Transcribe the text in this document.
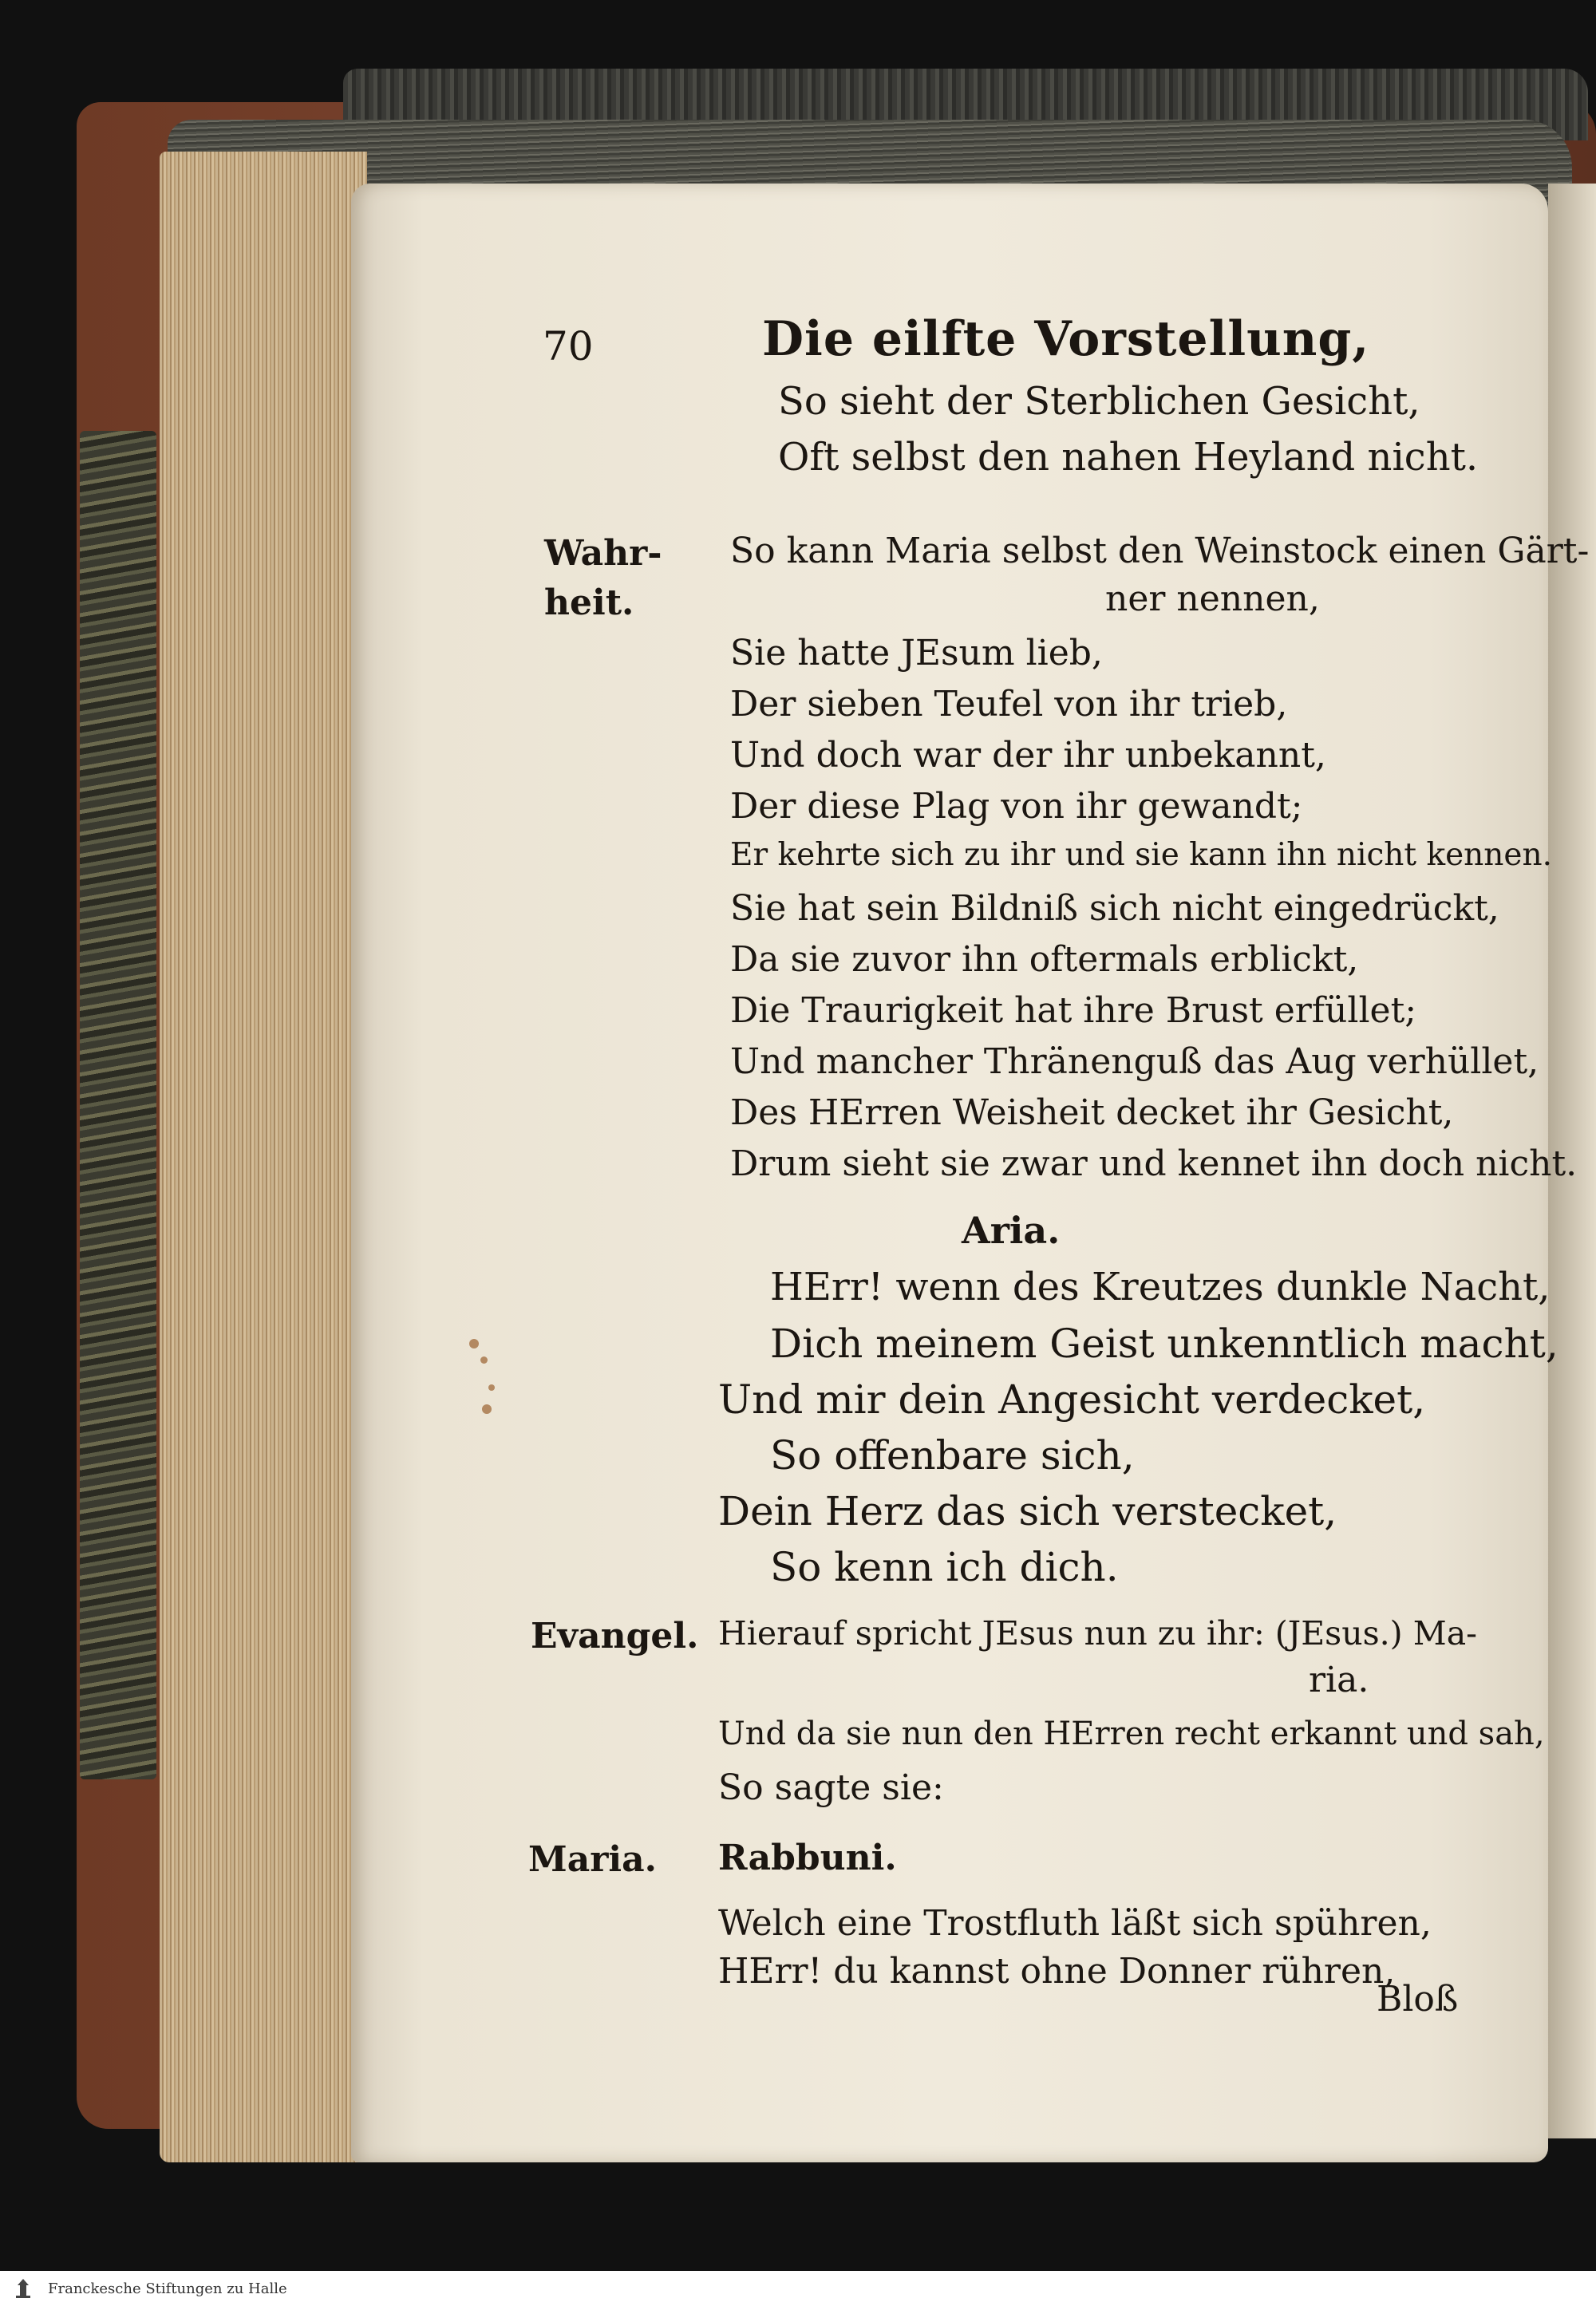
70	Die eilfte Vorstellung,
So sieht der Sterblichen Gesicht,
Oft selbst den nahen Heyland nicht.
Wahr-
heit.
So kann Maria selbst den Weinstock einen Gärt-
ner nennen,
Sie hatte JEsum lieb,
Der sieben Teufel von ihr trieb,
Und doch war der ihr unbekannt,
Der diese Plag von ihr gewandt;
Er kehrte sich zu ihr und sie kann ihn nicht kennen.
Sie hat sein Bildniß sich nicht eingedrückt,
Da sie zuvor ihn oftermals erblickt,
Die Traurigkeit hat ihre Brust erfüllet;
Und mancher Thränenguß das Aug verhüllet,
Des HErren Weisheit decket ihr Gesicht,
Drum sieht sie zwar und kennet ihn doch nicht.
Aria.
HErr! wenn des Kreutzes dunkle Nacht,
Dich meinem Geist unkenntlich macht,
Und mir dein Angesicht verdecket,
So offenbare sich,
Dein Herz das sich verstecket,
So kenn ich dich.
Evangel. Hierauf spricht JEsus nun zu ihr: (JEsus.) Ma-
ria.
Und da sie nun den HErren recht erkannt und sah,
So sagte sie:
Maria. Rabbuni.
Welch eine Trostfluth läßt sich spühren,
HErr! du kannst ohne Donner rühren,
Bloß
Franckesche Stiftungen zu Halle
